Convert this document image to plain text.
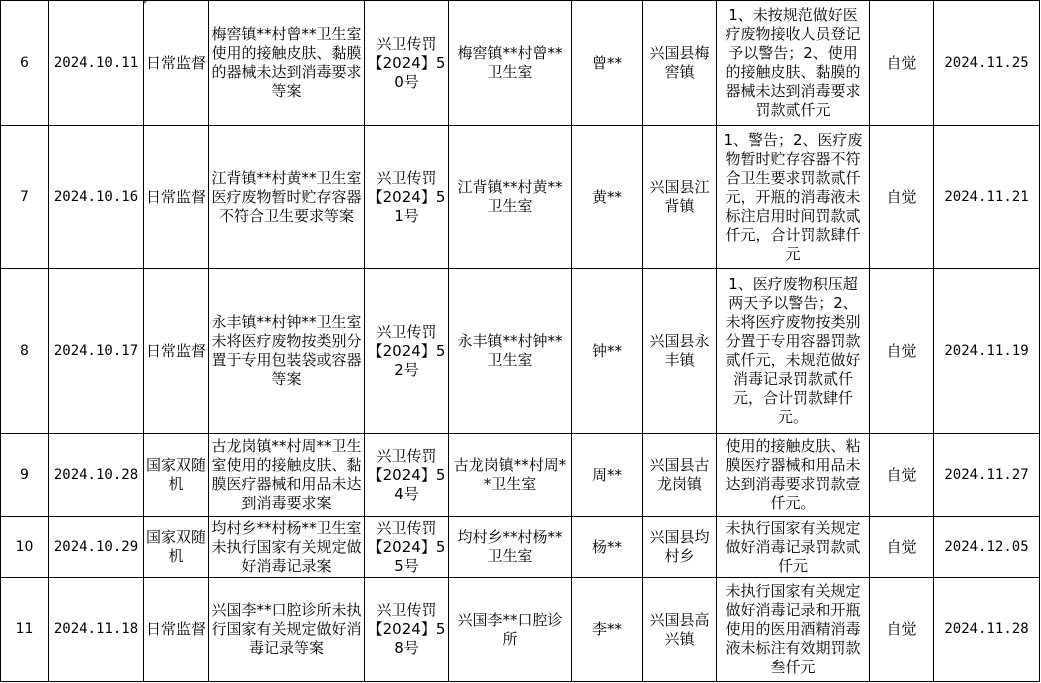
6	2024.10.11	日常监督	梅窖镇**村曾**卫生室使用的接触皮肤、黏膜的器械未达到消毒要求等案	兴卫传罚【2024】50号	梅窖镇**村曾**卫生室	曾**	兴国县梅窖镇	1、未按规范做好医疗废物接收人员登记予以警告；2、使用的接触皮肤、黏膜的器械未达到消毒要求罚款贰仟元	自觉	2024.11.25
7	2024.10.16	日常监督	江背镇**村黄**卫生室医疗废物暂时贮存容器不符合卫生要求等案	兴卫传罚【2024】51号	江背镇**村黄**卫生室	黄**	兴国县江背镇	1、警告；2、医疗废物暂时贮存容器不符合卫生要求罚款贰仟元，开瓶的消毒液未标注启用时间罚款贰仟元，合计罚款肆仟元	自觉	2024.11.21
8	2024.10.17	日常监督	永丰镇**村钟**卫生室未将医疗废物按类别分置于专用包装袋或容器等案	兴卫传罚【2024】52号	永丰镇**村钟**卫生室	钟**	兴国县永丰镇	1、医疗废物积压超两天予以警告；2、未将医疗废物按类别分置于专用容器罚款贰仟元，未规范做好消毒记录罚款贰仟元，合计罚款肆仟元。	自觉	2024.11.19
9	2024.10.28	国家双随机	古龙岗镇**村周**卫生室使用的接触皮肤、黏膜医疗器械和用品未达到消毒要求案	兴卫传罚【2024】54号	古龙岗镇**村周**卫生室	周**	兴国县古龙岗镇	使用的接触皮肤、粘膜医疗器械和用品未达到消毒要求罚款壹仟元。	自觉	2024.11.27
10	2024.10.29	国家双随机	均村乡**村杨**卫生室未执行国家有关规定做好消毒记录案	兴卫传罚【2024】55号	均村乡**村杨**卫生室	杨**	兴国县均村乡	未执行国家有关规定做好消毒记录罚款贰仟元	自觉	2024.12.05
11	2024.11.18	日常监督	兴国李**口腔诊所未执行国家有关规定做好消毒记录等案	兴卫传罚【2024】58号	兴国李**口腔诊所	李**	兴国县高兴镇	未执行国家有关规定做好消毒记录和开瓶使用的医用酒精消毒液未标注有效期罚款叁仟元	自觉	2024.11.28
